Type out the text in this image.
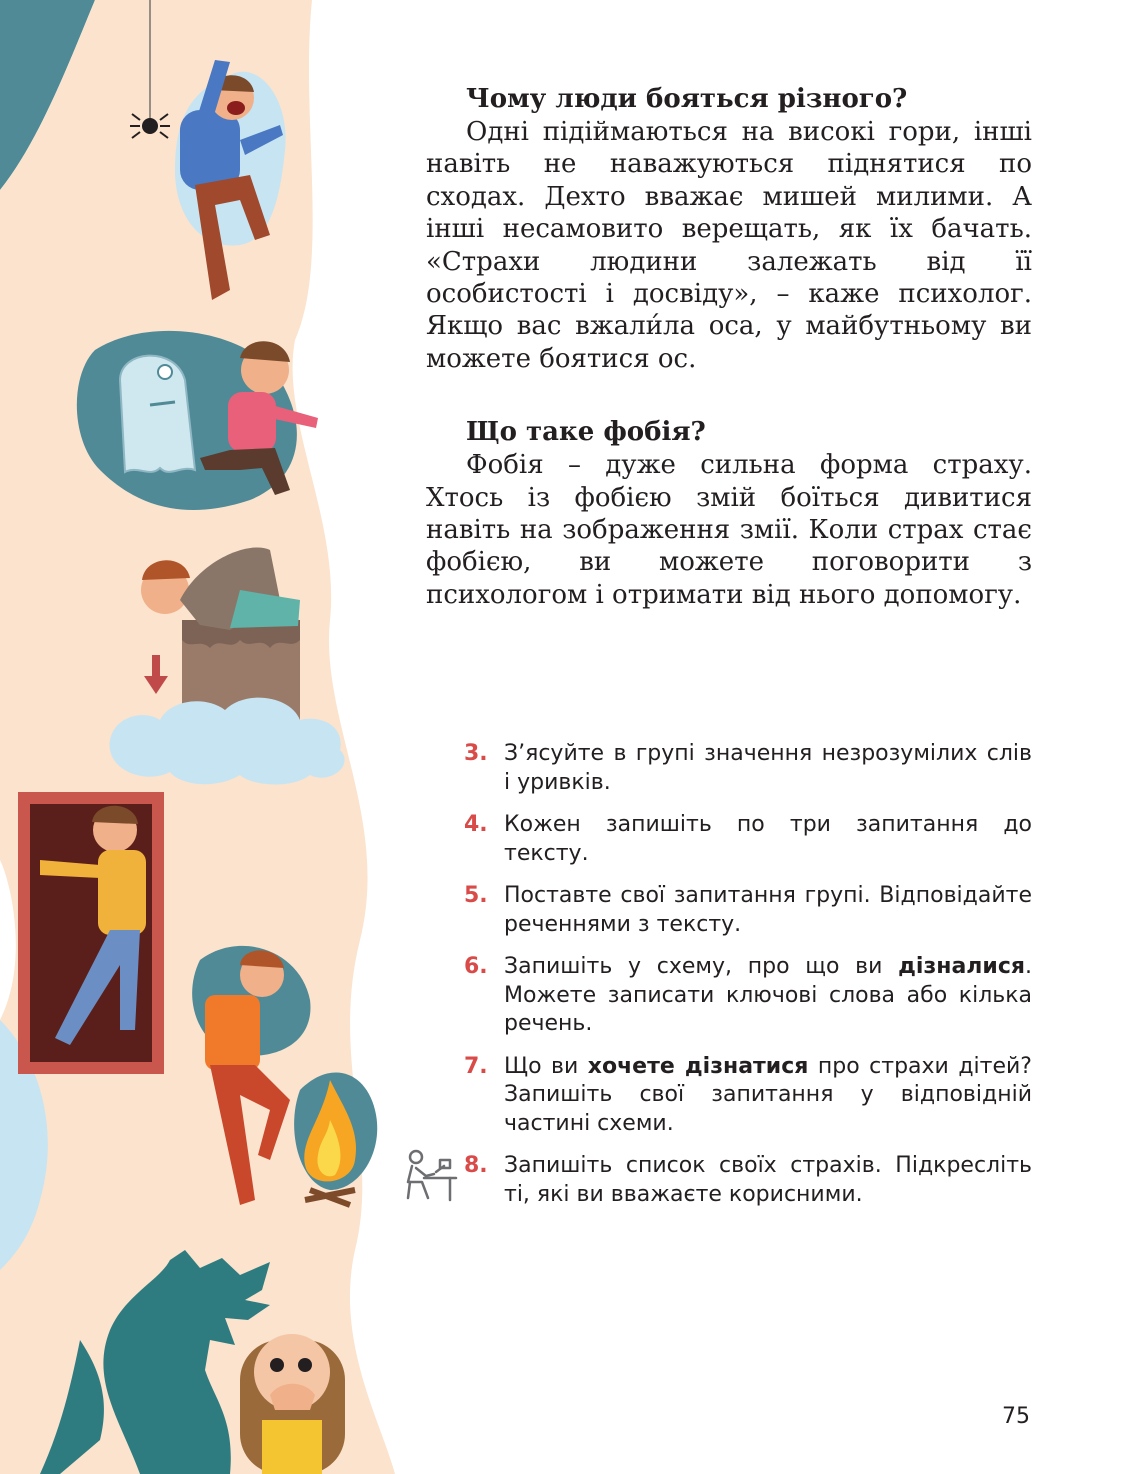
Чому люди бояться різного?

Одні підіймаються на високі гори, інші навіть не наважуються піднятися по сходах. Дехто вважає мишей милими. А інші несамовито верещать, як їх бачать. «Страхи людини залежать від її особистості і досвіду», – каже психолог. Якщо вас вжали́ла оса, у майбутньому ви можете боятися ос.

Що таке фобія?

Фобія – дуже сильна форма страху. Хтось із фобією змій боїться дивитися навіть на зображення змії. Коли страх стає фобією, ви можете поговорити з психологом і отримати від нього допомогу.

3. З’ясуйте в групі значення незрозумілих слів і уривків.
4. Кожен запишіть по три запитання до тексту.
5. Поставте свої запитання групі. Відповідайте реченнями з тексту.
6. Запишіть у схему, про що ви дізналися. Можете записати ключові слова або кілька речень.
7. Що ви хочете дізнатися про страхи дітей? Запишіть свої запитання у відповідній частині схеми.
8. Запишіть список своїх страхів. Підкресліть ті, які ви вважаєте корисними.
75
